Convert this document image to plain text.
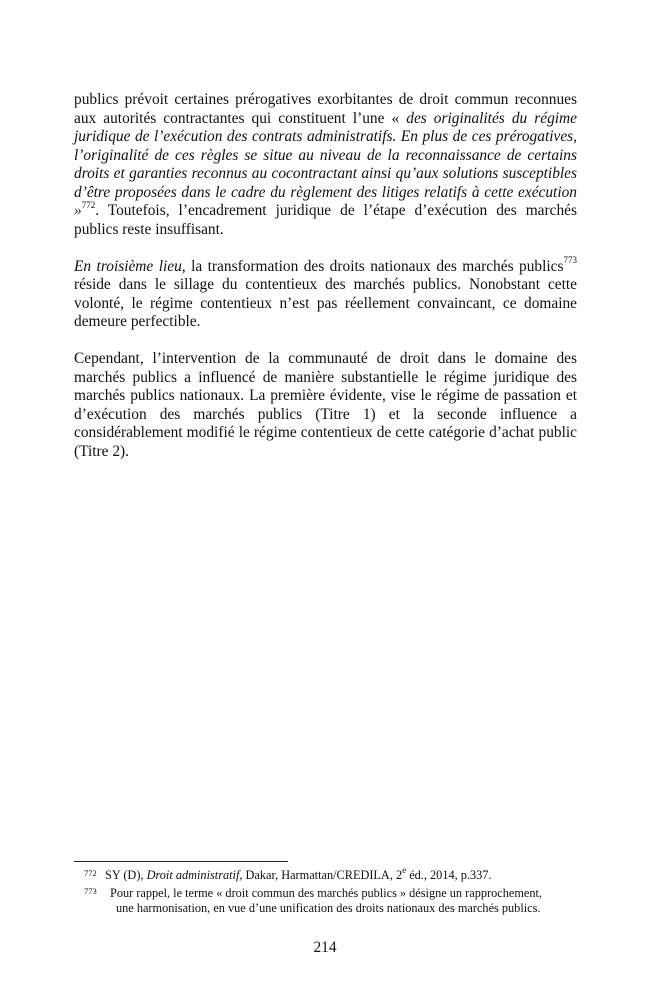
publics prévoit certaines prérogatives exorbitantes de droit commun reconnues aux autorités contractantes qui constituent l’une « des originalités du régime juridique de l’exécution des contrats administratifs. En plus de ces prérogatives, l’originalité de ces règles se situe au niveau de la reconnaissance de certains droits et garanties reconnus au cocontractant ainsi qu’aux solutions susceptibles d’être proposées dans le cadre du règlement des litiges relatifs à cette exécution »$^{772}$. Toutefois, l’encadrement juridique de l’étape d’exécution des marchés publics reste insuffisant.

En troisième lieu, la transformation des droits nationaux des marchés publics$^{773}$ réside dans le sillage du contentieux des marchés publics. Nonobstant cette volonté, le régime contentieux n’est pas réellement convaincant, ce domaine demeure perfectible.

Cependant, l’intervention de la communauté de droit dans le domaine des marchés publics a influencé de manière substantielle le régime juridique des marchés publics nationaux. La première évidente, vise le régime de passation et d’exécution des marchés publics (Titre 1) et la seconde influence a considérablement modifié le régime contentieux de cette catégorie d’achat public (Titre 2).

772 SY (D), Droit administratif, Dakar, Harmattan/CREDILA, 2e éd., 2014, p.337.
773 Pour rappel, le terme « droit commun des marchés publics » désigne un rapprochement,
une harmonisation, en vue d’une unification des droits nationaux des marchés publics.
214
